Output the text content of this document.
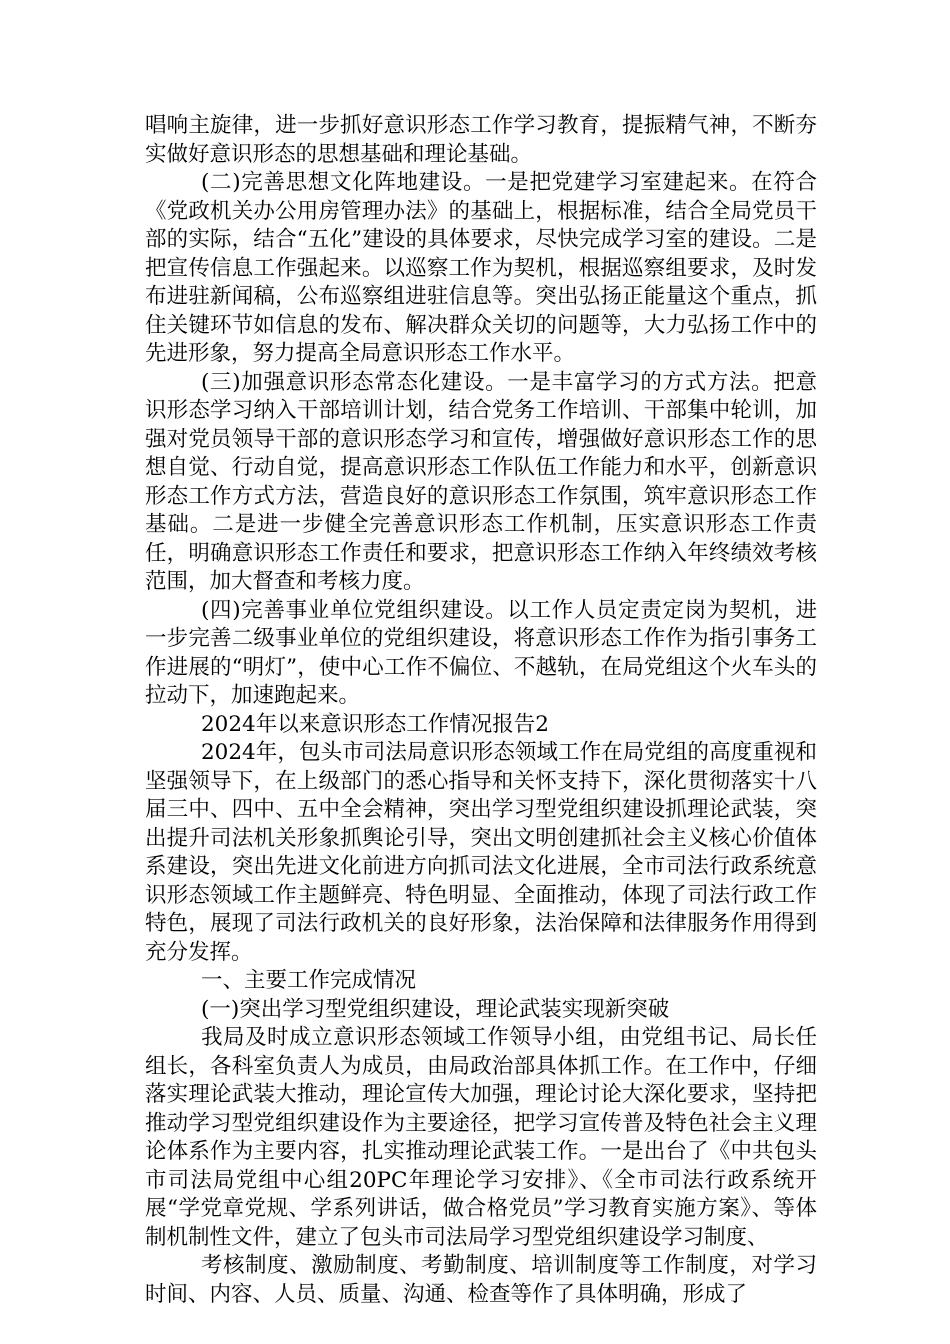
唱响主旋律，进一步抓好意识形态工作学习教育，提振精气神，不断夯实做好意识形态的思想基础和理论基础。

(二)完善思想文化阵地建设。一是把党建学习室建起来。在符合《党政机关办公用房管理办法》的基础上，根据标准，结合全局党员干部的实际，结合“五化”建设的具体要求，尽快完成学习室的建设。二是把宣传信息工作强起来。以巡察工作为契机，根据巡察组要求，及时发布进驻新闻稿，公布巡察组进驻信息等。突出弘扬正能量这个重点，抓住关键环节如信息的发布、解决群众关切的问题等，大力弘扬工作中的先进形象，努力提高全局意识形态工作水平。

(三)加强意识形态常态化建设。一是丰富学习的方式方法。把意识形态学习纳入干部培训计划，结合党务工作培训、干部集中轮训，加强对党员领导干部的意识形态学习和宣传，增强做好意识形态工作的思想自觉、行动自觉，提高意识形态工作队伍工作能力和水平，创新意识形态工作方式方法，营造良好的意识形态工作氛围，筑牢意识形态工作基础。二是进一步健全完善意识形态工作机制，压实意识形态工作责任，明确意识形态工作责任和要求，把意识形态工作纳入年终绩效考核范围，加大督查和考核力度。

(四)完善事业单位党组织建设。以工作人员定责定岗为契机，进一步完善二级事业单位的党组织建设，将意识形态工作作为指引事务工作进展的“明灯”，使中心工作不偏位、不越轨，在局党组这个火车头的拉动下，加速跑起来。

2024年以来意识形态工作情况报告2

2024年，包头市司法局意识形态领域工作在局党组的高度重视和坚强领导下，在上级部门的悉心指导和关怀支持下，深化贯彻落实十八届三中、四中、五中全会精神，突出学习型党组织建设抓理论武装，突出提升司法机关形象抓舆论引导，突出文明创建抓社会主义核心价值体系建设，突出先进文化前进方向抓司法文化进展，全市司法行政系统意识形态领域工作主题鲜亮、特色明显、全面推动，体现了司法行政工作特色，展现了司法行政机关的良好形象，法治保障和法律服务作用得到充分发挥。

一、主要工作完成情况

(一)突出学习型党组织建设，理论武装实现新突破

我局及时成立意识形态领域工作领导小组，由党组书记、局长任组长，各科室负责人为成员，由局政治部具体抓工作。在工作中，仔细落实理论武装大推动，理论宣传大加强，理论讨论大深化要求，坚持把推动学习型党组织建设作为主要途径，把学习宣传普及特色社会主义理论体系作为主要内容，扎实推动理论武装工作。一是出台了《中共包头市司法局党组中心组20PC年理论学习安排》、《全市司法行政系统开展“学党章党规、学系列讲话，做合格党员”学习教育实施方案》、等体制机制性文件，建立了包头市司法局学习型党组织建设学习制度、

考核制度、激励制度、考勤制度、培训制度等工作制度，对学习时间、内容、人员、质量、沟通、检查等作了具体明确，形成了
